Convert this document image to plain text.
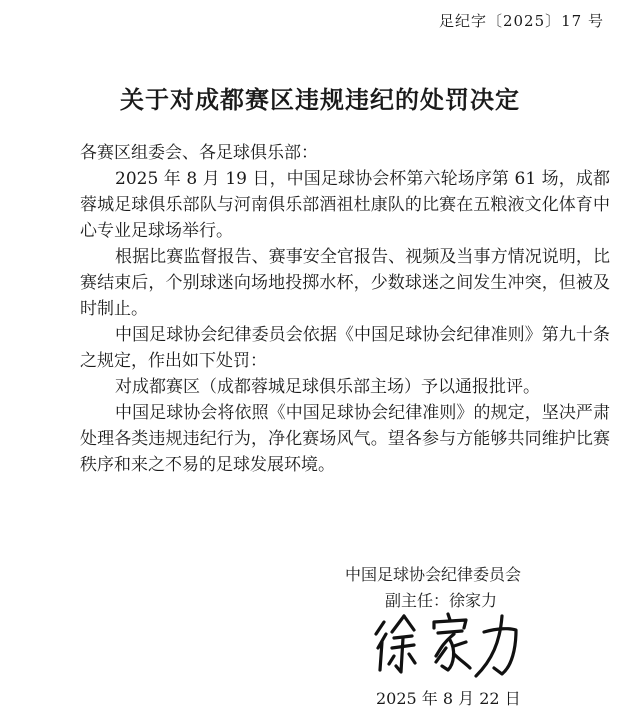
足纪字〔2025〕17 号
关于对成都赛区违规违纪的处罚决定

各赛区组委会、各足球俱乐部：

2025 年 8 月 19 日，中国足球协会杯第六轮场序第 61 场，成都蓉城足球俱乐部队与河南俱乐部酒祖杜康队的比赛在五粮液文化体育中心专业足球场举行。

根据比赛监督报告、赛事安全官报告、视频及当事方情况说明，比赛结束后，个别球迷向场地投掷水杯，少数球迷之间发生冲突，但被及时制止。

中国足球协会纪律委员会依据《中国足球协会纪律准则》第九十条之规定，作出如下处罚：

对成都赛区（成都蓉城足球俱乐部主场）予以通报批评。

中国足球协会将依照《中国足球协会纪律准则》的规定，坚决严肃处理各类违规违纪行为，净化赛场风气。望各参与方能够共同维护比赛秩序和来之不易的足球发展环境。

中国足球协会纪律委员会
副主任：徐家力
2025 年 8 月 22 日
